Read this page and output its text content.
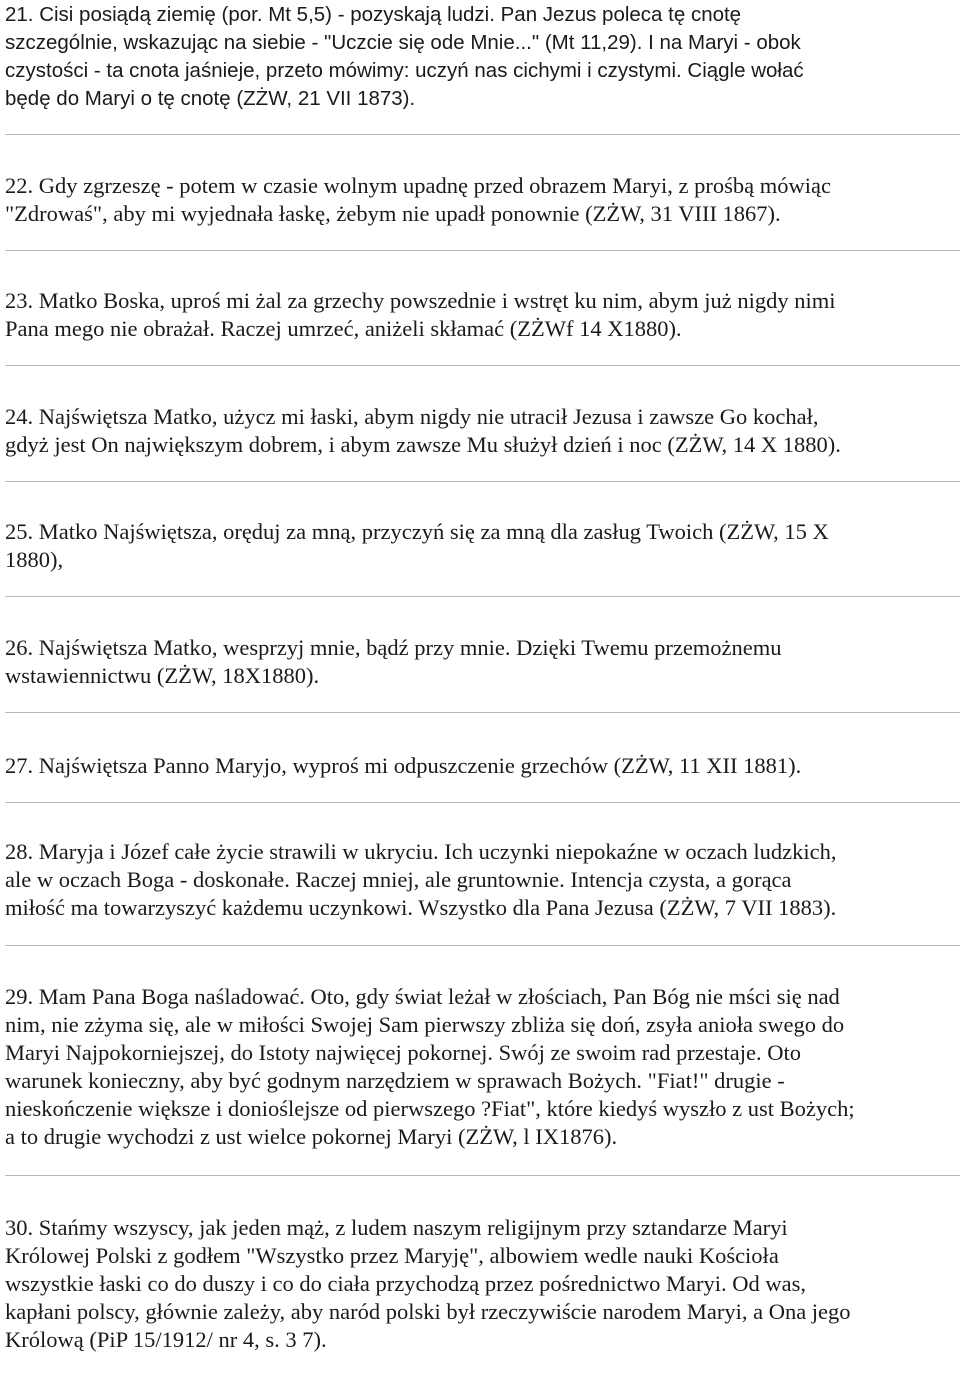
21. Cisi posiądą ziemię (por. Mt 5,5) - pozyskają ludzi. Pan Jezus poleca tę cnotę
szczególnie, wskazując na siebie - "Uczcie się ode Mnie..." (Mt 11,29). I na Maryi - obok
czystości - ta cnota jaśnieje, przeto mówimy: uczyń nas cichymi i czystymi. Ciągle wołać
będę do Maryi o tę cnotę (ZŻW, 21 VII 1873).

22. Gdy zgrzeszę - potem w czasie wolnym upadnę przed obrazem Maryi, z prośbą mówiąc
"Zdrowaś", aby mi wyjednała łaskę, żebym nie upadł ponownie (ZŻW, 31 VIII 1867).

23. Matko Boska, uproś mi żal za grzechy powszednie i wstręt ku nim, abym już nigdy nimi
Pana mego nie obrażał. Raczej umrzeć, aniżeli skłamać (ZŻWf 14 X1880).

24. Najświętsza Matko, użycz mi łaski, abym nigdy nie utracił Jezusa i zawsze Go kochał,
gdyż jest On największym dobrem, i abym zawsze Mu służył dzień i noc (ZŻW, 14 X 1880).

25. Matko Najświętsza, oręduj za mną, przyczyń się za mną dla zasług Twoich (ZŻW, 15 X
1880),

26. Najświętsza Matko, wesprzyj mnie, bądź przy mnie. Dzięki Twemu przemożnemu
wstawiennictwu (ZŻW, 18X1880).

27. Najświętsza Panno Maryjo, wyproś mi odpuszczenie grzechów (ZŻW, 11 XII 1881).

28. Maryja i Józef całe życie strawili w ukryciu. Ich uczynki niepokaźne w oczach ludzkich,
ale w oczach Boga - doskonałe. Raczej mniej, ale gruntownie. Intencja czysta, a gorąca
miłość ma towarzyszyć każdemu uczynkowi. Wszystko dla Pana Jezusa (ZŻW, 7 VII 1883).

29. Mam Pana Boga naśladować. Oto, gdy świat leżał w złościach, Pan Bóg nie mści się nad
nim, nie zżyma się, ale w miłości Swojej Sam pierwszy zbliża się doń, zsyła anioła swego do
Maryi Najpokorniejszej, do Istoty najwięcej pokornej. Swój ze swoim rad przestaje. Oto
warunek konieczny, aby być godnym narzędziem w sprawach Bożych. "Fiat!" drugie -
nieskończenie większe i donioślejsze od pierwszego ?Fiat", które kiedyś wyszło z ust Bożych;
a to drugie wychodzi z ust wielce pokornej Maryi (ZŻW, l IX1876).

30. Stańmy wszyscy, jak jeden mąż, z ludem naszym religijnym przy sztandarze Maryi
Królowej Polski z godłem "Wszystko przez Maryję", albowiem wedle nauki Kościoła
wszystkie łaski co do duszy i co do ciała przychodzą przez pośrednictwo Maryi. Od was,
kapłani polscy, głównie zależy, aby naród polski był rzeczywiście narodem Maryi, a Ona jego
Królową (PiP 15/1912/ nr 4, s. 3 7).
